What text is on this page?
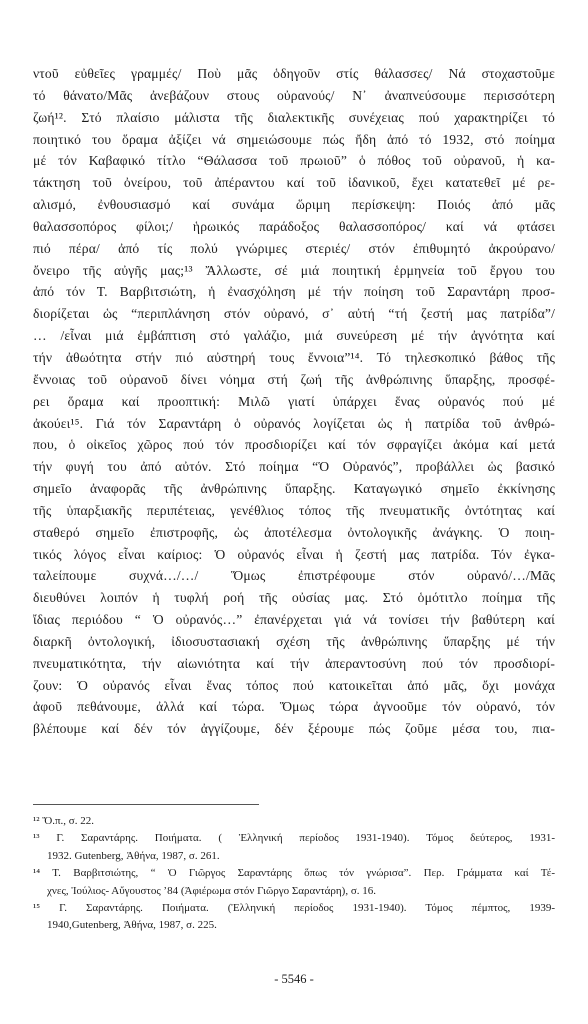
ντοῦ εὐθεῖες γραμμές/ Ποὺ μᾶς ὁδηγοῦν στίς θάλασσες/ Νά στοχαστοῦμε
τό θάνατο/Μᾶς ἀνεβάζουν στους οὐρανούς/ Ν᾽ ἀναπνεύσουμε περισσότερη
ζωή¹². Στό πλαίσιο μάλιστα τῆς διαλεκτικῆς συνέχειας πού χαρακτηρίζει τό
ποιητικό του ὅραμα ἀξίζει νά σημειώσουμε πώς ἤδη ἀπό τό 1932, στό ποίημα
μέ τόν Καβαφικό τίτλο “Θάλασσα τοῦ πρωιοῦ” ὁ πόθος τοῦ οὐρανοῦ, ἡ κα-
τάκτηση τοῦ ὀνείρου, τοῦ ἀπέραντου καί τοῦ ἰδανικοῦ, ἔχει κατατεθεῖ μέ ρε-
αλισμό, ἐνθουσιασμό καί συνάμα ὥριμη περίσκεψη: Ποιός ἀπό μᾶς
θαλασσοπόρος φίλοι;/ ἡρωικός παράδοξος θαλασσοπόρος/ καί νά φτάσει
πιό πέρα/ ἀπό τίς πολύ γνώριμες στεριές/ στόν ἐπιθυμητό ἀκρούρανο/
ὄνειρο τῆς αὐγῆς μας;¹³ Ἄλλωστε, σέ μιά ποιητική ἑρμηνεία τοῦ ἔργου του
ἀπό τόν Τ. Βαρβιτσιώτη, ἡ ἐνασχόληση μέ τήν ποίηση τοῦ Σαραντάρη προσ-
διορίζεται ὡς “περιπλάνηση στόν οὐρανό, σ᾽ αὐτή “τή ζεστή μας πατρίδα”/
… /εἶναι μιά ἐμβάπτιση στό γαλάζιο, μιά συνεύρεση μέ τήν ἀγνότητα καί
τήν ἀθωότητα στήν πιό αὐστηρή τους ἔννοια”¹⁴. Τό τηλεσκοπικό βάθος τῆς
ἔννοιας τοῦ οὐρανοῦ δίνει νόημα στή ζωή τῆς ἀνθρώπινης ὕπαρξης, προσφέ-
ρει ὅραμα καί προοπτική: Μιλῶ γιατί ὑπάρχει ἕνας οὐρανός πού μέ
ἀκούει¹⁵. Γιά τόν Σαραντάρη ὁ οὐρανός λογίζεται ὡς ἡ πατρίδα τοῦ ἀνθρώ-
που, ὁ οἰκεῖος χῶρος πού τόν προσδιορίζει καί τόν σφραγίζει ἀκόμα καί μετά
τήν φυγή του ἀπό αὐτόν. Στό ποίημα “Ὁ Οὐρανός”, προβάλλει ὡς βασικό
σημεῖο ἀναφορᾶς τῆς ἀνθρώπινης ὕπαρξης. Καταγωγικό σημεῖο ἐκκίνησης
τῆς ὑπαρξιακῆς περιπέτειας, γενέθλιος τόπος τῆς πνευματικῆς ὀντότητας καί
σταθερό σημεῖο ἐπιστροφῆς, ὡς ἀποτέλεσμα ὀντολογικῆς ἀνάγκης. Ὁ ποιη-
τικός λόγος εἶναι καίριος: Ὁ οὐρανός εἶναι ἡ ζεστή μας πατρίδα. Τόν ἐγκα-
ταλείπουμε συχνά…/…/ Ὅμως ἐπιστρέφουμε στόν οὐρανό/…/Μᾶς
διευθύνει λοιπόν ἡ τυφλή ροή τῆς οὐσίας μας. Στό ὁμότιτλο ποίημα τῆς
ἴδιας περιόδου “ Ὁ οὐρανός…” ἐπανέρχεται γιά νά τονίσει τήν βαθύτερη καί
διαρκῆ ὀντολογική, ἰδιοσυστασιακή σχέση τῆς ἀνθρώπινης ὕπαρξης μέ τήν
πνευματικότητα, τήν αἰωνιότητα καί τήν ἀπεραντοσύνη πού τόν προσδιορί-
ζουν: Ὁ οὐρανός εἶναι ἕνας τόπος πού κατοικεῖται ἀπό μᾶς, ὄχι μονάχα
ἀφοῦ πεθάνουμε, ἀλλά καί τώρα. Ὅμως τώρα ἀγνοοῦμε τόν οὐρανό, τόν
βλέπουμε καί δέν τόν ἀγγίζουμε, δέν ξέρουμε πώς ζοῦμε μέσα του, πια-
¹² Ὅ.π., σ. 22.
¹³ Γ. Σαραντάρης. Ποιήματα. ( Ἑλληνική περίοδος 1931-1940). Τόμος δεύτερος, 1931-
1932. Gutenberg, Ἀθήνα, 1987, σ. 261.
¹⁴ Τ. Βαρβιτσιώτης, “ Ὁ Γιῶργος Σαραντάρης ὅπως τόν γνώρισα”. Περ. Γράμματα καί Τέ-
χνες, Ἰούλιος- Αὔγουστος ’84 (Ἀφιέρωμα στόν Γιῶργο Σαραντάρη), σ. 16.
¹⁵ Γ. Σαραντάρης. Ποιήματα. (Ἑλληνική περίοδος 1931-1940). Τόμος πέμπτος, 1939-
1940,Gutenberg, Ἀθήνα, 1987, σ. 225.
- 5546 -
